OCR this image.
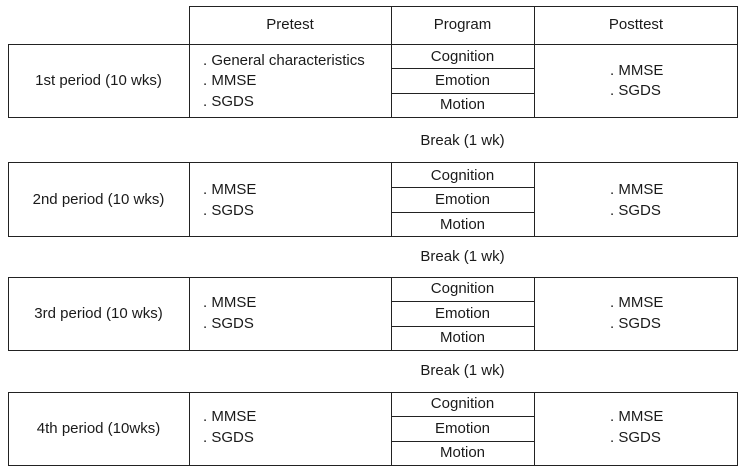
Pretest	Program	Posttest
1st period (10 wks)
. General characteristics
. MMSE
. SGDS
Cognition
Emotion
Motion
. MMSE
. SGDS
Break (1 wk)
2nd period (10 wks)
. MMSE
. SGDS
Cognition
Emotion
Motion
. MMSE
. SGDS
Break (1 wk)
3rd period (10 wks)
. MMSE
. SGDS
Cognition
Emotion
Motion
. MMSE
. SGDS
Break (1 wk)
4th period (10wks)
. MMSE
. SGDS
Cognition
Emotion
Motion
. MMSE
. SGDS
